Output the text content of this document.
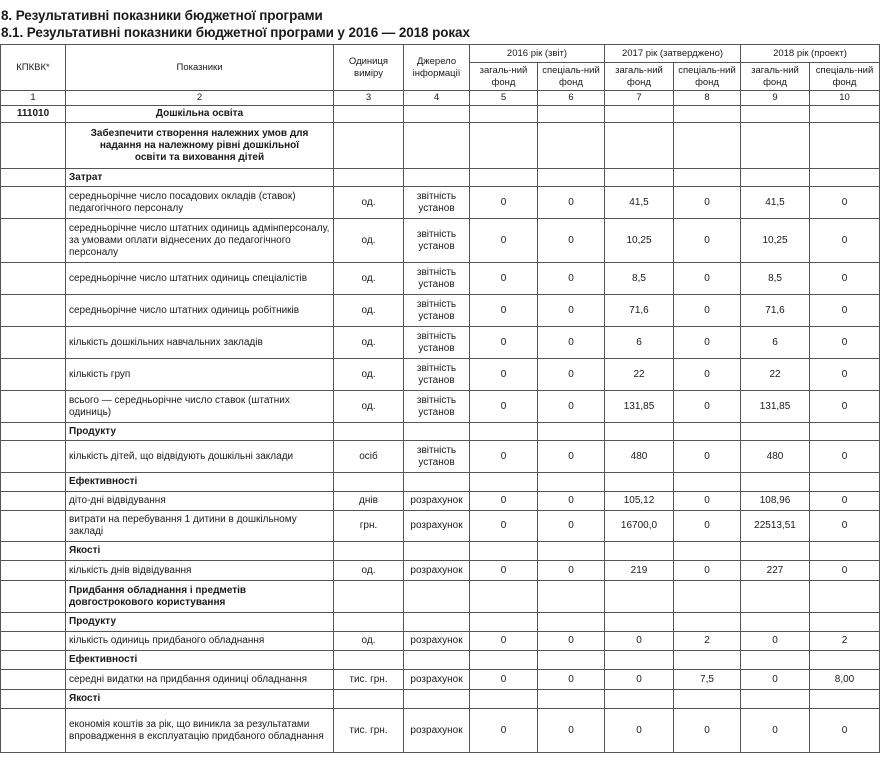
8. Результативні показники бюджетної програми
8.1. Результативні показники бюджетної програми у 2016 — 2018 роках
КПКВК*	Показники	Одиниця виміру	Джерело інформації	2016 рік (звіт)		2017 рік (затверджено)		2018 рік (проект)	
				загаль-ний фонд	спеціаль-ний фонд	загаль-ний фонд	спеціаль-ний фонд	загаль-ний фонд	спеціаль-ний фонд
1	2	3	4	5	6	7	8	9	10
111010	Дошкільна освіта								
	Забезпечити створення належних умов для надання на належному рівні дошкільної освіти та виховання дітей								
	Затрат								
	середньорічне число посадових окладів (ставок) педагогічного персоналу	од.	звітність установ	0	0	41,5	0	41,5	0
	середньорічне число штатних одиниць адмінперсоналу, за умовами оплати віднесених до педагогічного персоналу	од.	звітність установ	0	0	10,25	0	10,25	0
	середньорічне число штатних одиниць спеціалістів	од.	звітність установ	0	0	8,5	0	8,5	0
	середньорічне число штатних одиниць робітників	од.	звітність установ	0	0	71,6	0	71,6	0
	кількість дошкільних навчальних закладів	од.	звітність установ	0	0	6	0	6	0
	кількість груп	од.	звітність установ	0	0	22	0	22	0
	всього — середньорічне число ставок (штатних одиниць)	од.	звітність установ	0	0	131,85	0	131,85	0
	Продукту								
	кількість дітей, що відвідують дошкільні заклади	осіб	звітність установ	0	0	480	0	480	0
	Ефективності								
	діто-дні відвідування	днів	розрахунок	0	0	105,12	0	108,96	0
	витрати на перебування 1 дитини в дошкільному закладі	грн.	розрахунок	0	0	16700,0	0	22513,51	0
	Якості								
	кількість днів відвідування	од.	розрахунок	0	0	219	0	227	0
	Придбання обладнання і предметів довгострокового користування								
	Продукту								
	кількість одиниць придбаного обладнання	од.	розрахунок	0	0	0	2	0	2
	Ефективності								
	середні видатки на придбання одиниці обладнання	тис. грн.	розрахунок	0	0	0	7,5	0	8,00
	Якості								
	економія коштів за рік, що виникла за результатами впровадження в експлуатацію придбаного обладнання	тис. грн.	розрахунок	0	0	0	0	0	0
